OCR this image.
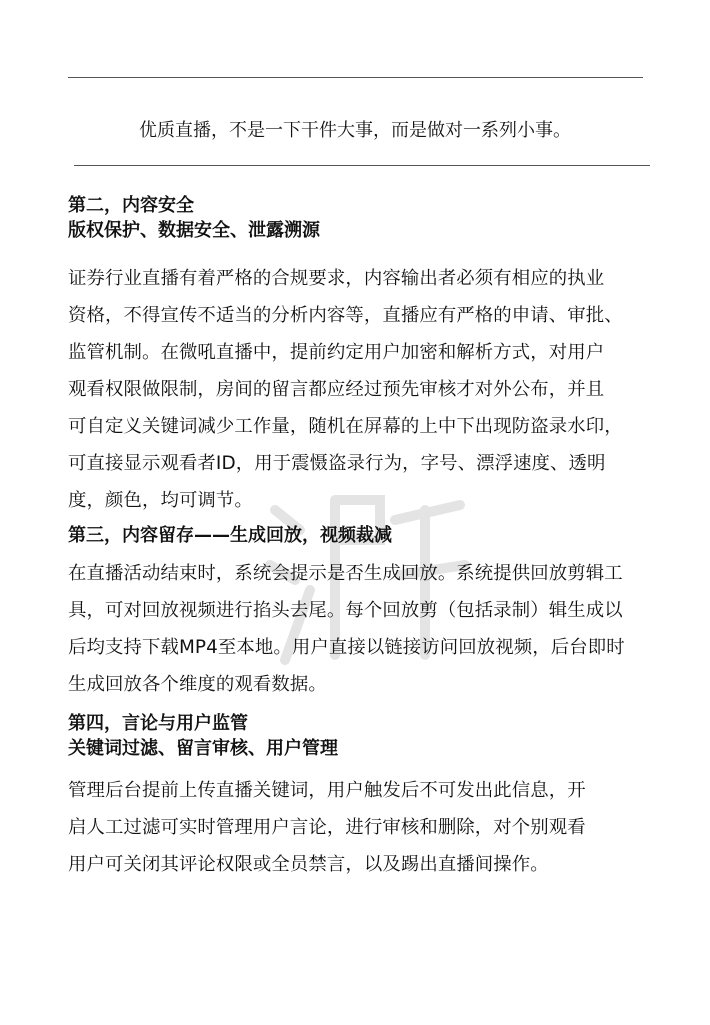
优质直播，不是一下干件大事，而是做对一系列小事。
第二，内容安全
版权保护、数据安全、泄露溯源
证券行业直播有着严格的合规要求，内容输出者必须有相应的执业
资格，不得宣传不适当的分析内容等，直播应有严格的申请、审批、
监管机制。在微吼直播中，提前约定用户加密和解析方式，对用户
观看权限做限制，房间的留言都应经过预先审核才对外公布，并且
可自定义关键词减少工作量，随机在屏幕的上中下出现防盗录水印，
可直接显示观看者ID，用于震慑盗录行为，字号、漂浮速度、透明
度，颜色，均可调节。
第三，内容留存——生成回放，视频裁减
在直播活动结束时，系统会提示是否生成回放。系统提供回放剪辑工
具，可对回放视频进行掐头去尾。每个回放剪（包括录制）辑生成以
后均支持下载MP4至本地。用户直接以链接访问回放视频，后台即时
生成回放各个维度的观看数据。
第四，言论与用户监管
关键词过滤、留言审核、用户管理
管理后台提前上传直播关键词，用户触发后不可发出此信息，开
启人工过滤可实时管理用户言论，进行审核和删除，对个别观看
用户可关闭其评论权限或全员禁言，以及踢出直播间操作。
